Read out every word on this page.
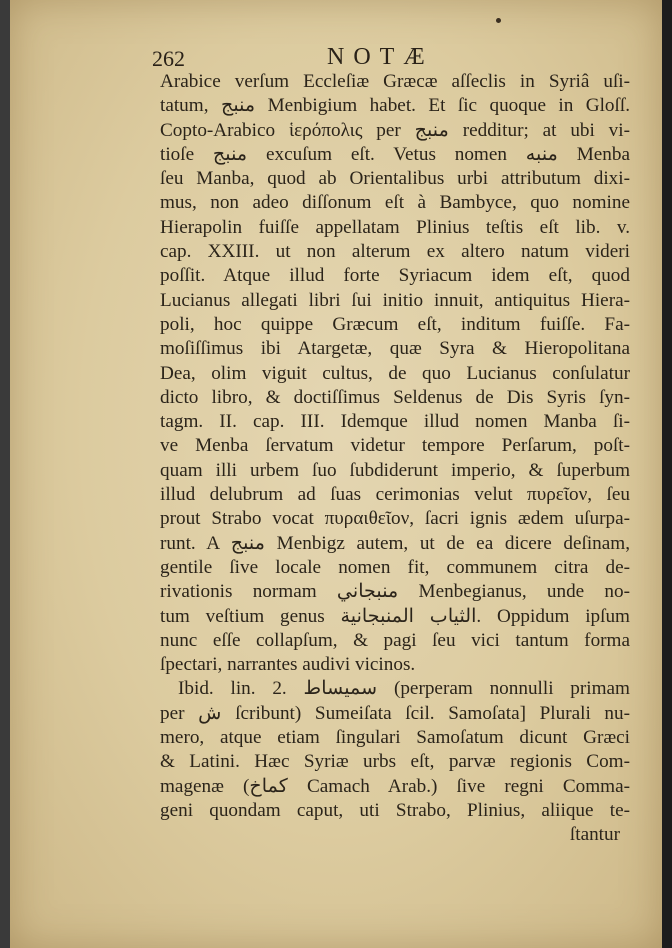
262	NOTÆ
Arabice verſum Eccleſiæ Græcæ aſſeclis in Syriâ uſi-
tatum, منبج Menbigium habet. Et ſic quoque in Gloſſ.
Copto-Arabico ἱερόπολις per منبج redditur; at ubi vi-
tioſe منبج excuſum eſt. Vetus nomen منبه Menba
ſeu Manba, quod ab Orientalibus urbi attributum dixi-
mus, non adeo diſſonum eſt à Bambyce, quo nomine
Hierapolin fuiſſe appellatam Plinius teſtis eſt lib. v.
cap. XXIII. ut non alterum ex altero natum videri
poſſit. Atque illud forte Syriacum idem eſt, quod
Lucianus allegati libri ſui initio innuit, antiquitus Hiera-
poli, hoc quippe Græcum eſt, inditum fuiſſe. Fa-
moſiſſimus ibi Atargetæ, quæ Syra & Hieropolitana
Dea, olim viguit cultus, de quo Lucianus conſulatur
dicto libro, & doctiſſimus Seldenus de Dis Syris ſyn-
tagm. II. cap. III. Idemque illud nomen Manba ſi-
ve Menba ſervatum videtur tempore Perſarum, poſt-
quam illi urbem ſuo ſubdiderunt imperio, & ſuperbum
illud delubrum ad ſuas cerimonias velut πυρεῖον, ſeu
prout Strabo vocat πυραιθεῖον, ſacri ignis ædem uſurpa-
runt. A منبج Menbigz autem, ut de ea dicere deſinam,
gentile ſive locale nomen fit, communem citra de-
rivationis normam منبجاني Menbegianus, unde no-
tum veſtium genus الثياب المنبجانية. Oppidum ipſum
nunc eſſe collapſum, & pagi ſeu vici tantum forma
ſpectari, narrantes audivi vicinos.
Ibid. lin. 2. سميساط (perperam nonnulli primam
per ش ſcribunt) Sumeiſata ſcil. Samoſata] Plurali nu-
mero, atque etiam ſingulari Samoſatum dicunt Græci
& Latini. Hæc Syriæ urbs eſt, parvæ regionis Com-
magenæ (كماخ Camach Arab.) ſive regni Comma-
geni quondam caput, uti Strabo, Plinius, aliique te-
ſtantur
